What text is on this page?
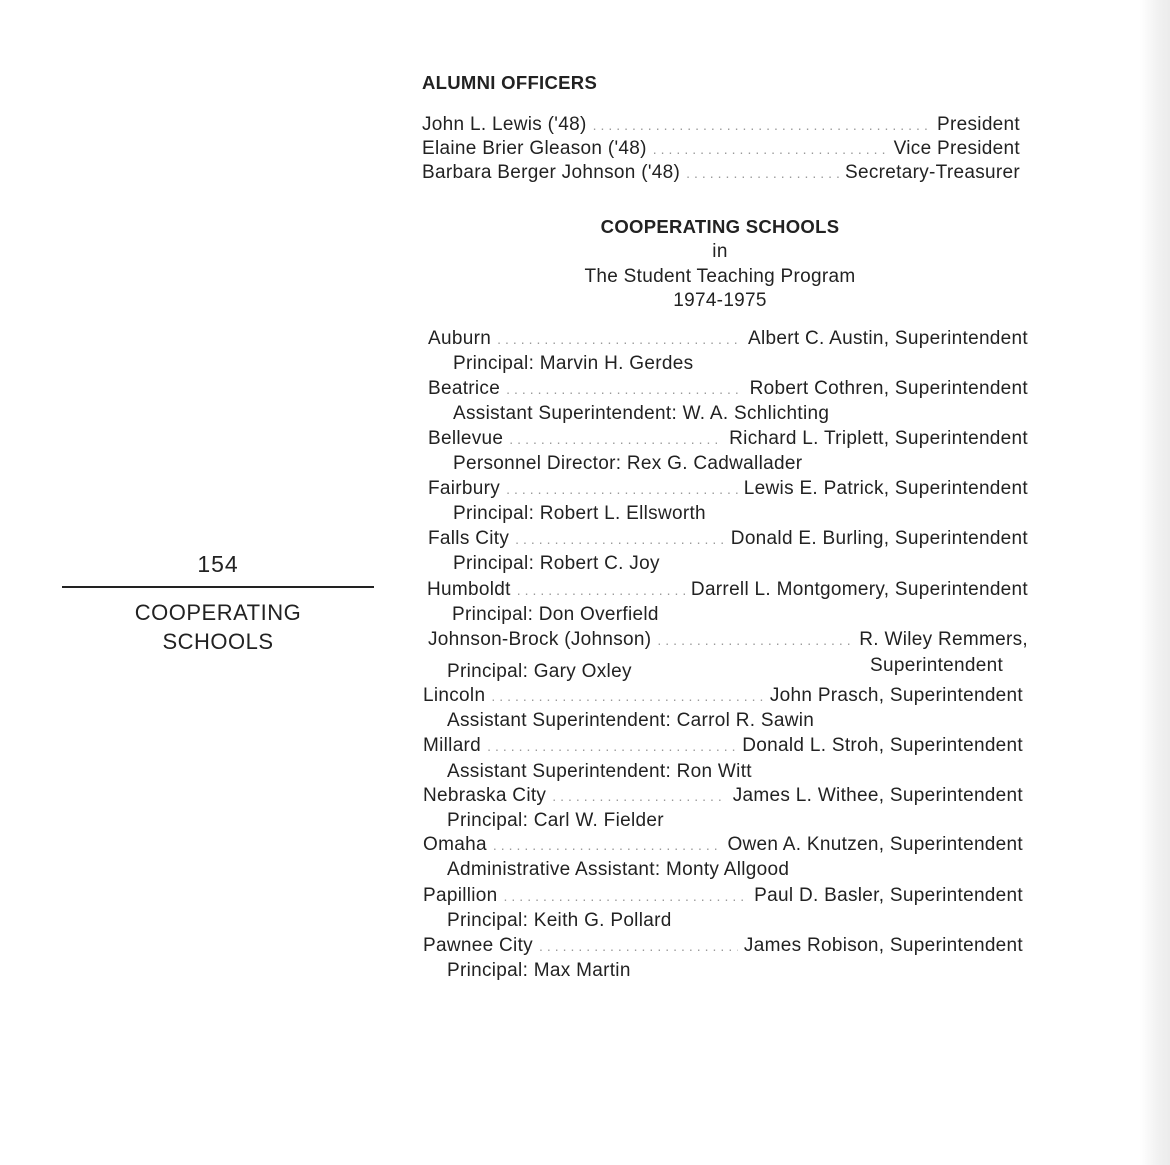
154
COOPERATING
SCHOOLS
ALUMNI OFFICERS
John L. Lewis ('48) .....	President
Elaine Brier Gleason ('48) .....	Vice President
Barbara Berger Johnson ('48) .....	Secretary-Treasurer
COOPERATING SCHOOLS
in
The Student Teaching Program
1974-1975
Auburn .....	Albert C. Austin, Superintendent
Principal: Marvin H. Gerdes
Beatrice .....	Robert Cothren, Superintendent
Assistant Superintendent: W. A. Schlichting
Bellevue .....	Richard L. Triplett, Superintendent
Personnel Director: Rex G. Cadwallader
Fairbury .....	Lewis E. Patrick, Superintendent
Principal: Robert L. Ellsworth
Falls City .....	Donald E. Burling, Superintendent
Principal: Robert C. Joy
Humboldt .....	Darrell L. Montgomery, Superintendent
Principal: Don Overfield
Johnson-Brock (Johnson) .....	R. Wiley Remmers,
Superintendent
Principal: Gary Oxley
Lincoln .....	John Prasch, Superintendent
Assistant Superintendent: Carrol R. Sawin
Millard .....	Donald L. Stroh, Superintendent
Assistant Superintendent: Ron Witt
Nebraska City .....	James L. Withee, Superintendent
Principal: Carl W. Fielder
Omaha .....	Owen A. Knutzen, Superintendent
Administrative Assistant: Monty Allgood
Papillion .....	Paul D. Basler, Superintendent
Principal: Keith G. Pollard
Pawnee City .....	James Robison, Superintendent
Principal: Max Martin
